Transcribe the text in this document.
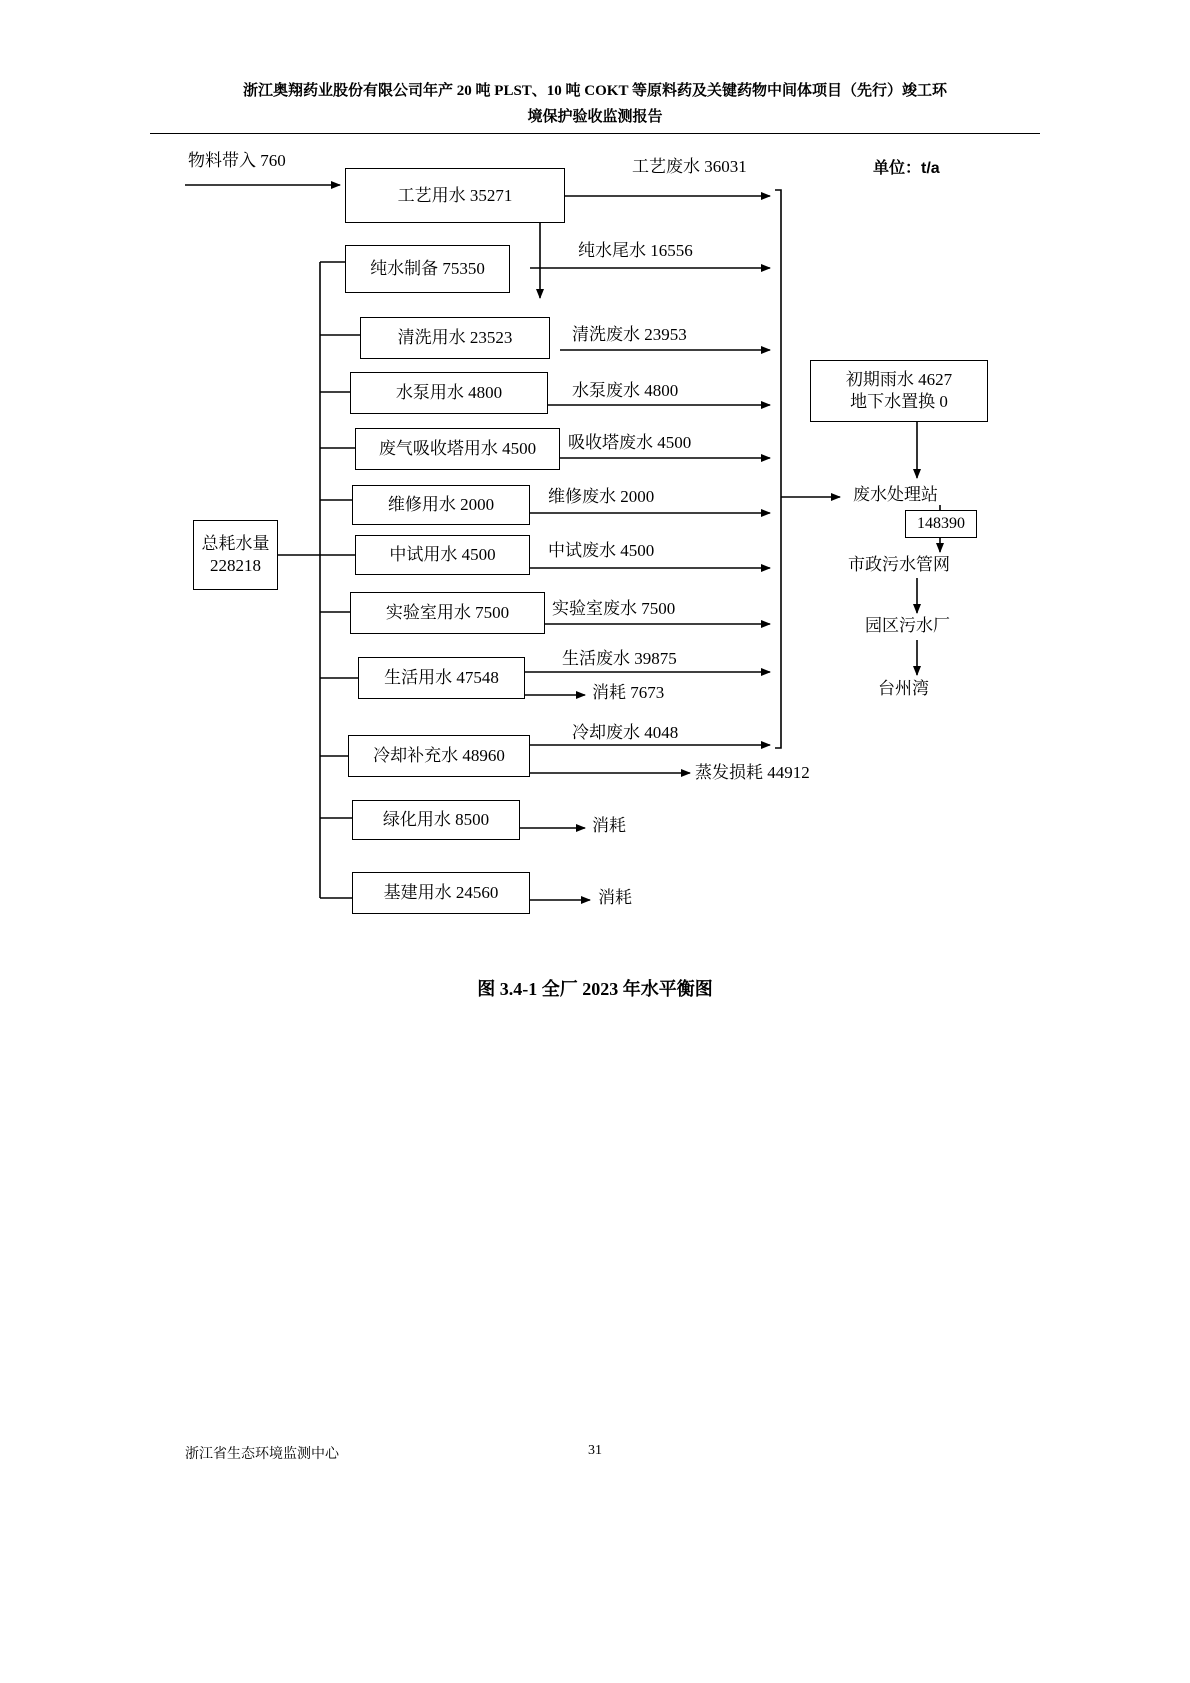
浙江奥翔药业股份有限公司年产 20 吨 PLST、10 吨 COKT 等原料药及关键药物中间体项目（先行）竣工环
境保护验收监测报告
单位：t/a
物料带入 760
总耗水量
228218
工艺用水 35271
纯水制备 75350
清洗用水 23523
水泵用水 4800
废气吸收塔用水 4500
维修用水 2000
中试用水 4500
实验室用水 7500
生活用水 47548
冷却补充水 48960
绿化用水 8500
基建用水 24560
工艺废水 36031
纯水尾水 16556
清洗废水 23953
水泵废水 4800
吸收塔废水 4500
维修废水 2000
中试废水 4500
实验室废水 7500
生活废水 39875
冷却废水 4048
消耗 7673
蒸发损耗 44912
消耗
消耗
初期雨水 4627
地下水置换 0
废水处理站
148390
市政污水管网
园区污水厂
台州湾
图 3.4-1 全厂 2023 年水平衡图
浙江省生态环境监测中心	31
